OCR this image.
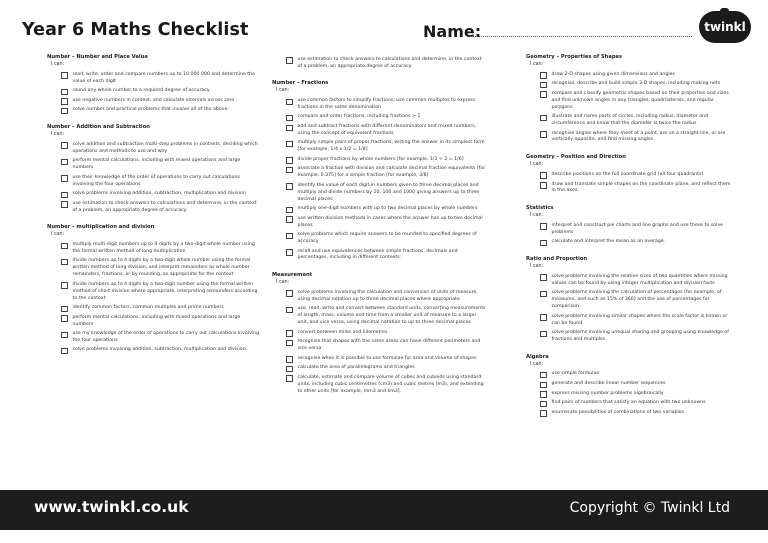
Year 6 Maths Checklist	Name:	twinkl
Number – Number and Place Value
I can:
read, write, order and compare numbers up to 10 000 000 and determine the value of each digit
round any whole number to a required degree of accuracy
use negative numbers in context, and calculate intervals across zero
solve number and practical problems that involve all of the above.
Number – Addition and Subtraction
I can:
solve addition and subtraction multi-step problems in contexts, deciding which operations and methods to use and why
perform mental calculations, including with mixed operations and large numbers
use their knowledge of the order of operations to carry out calculations involving the four operations
solve problems involving addition, subtraction, multiplication and division
use estimation to check answers to calculations and determine, in the context of a problem, an appropriate degree of accuracy.
Number – multiplication and division
I can:
multiply multi-digit numbers up to 4 digits by a two-digit whole number using the formal written method of long multiplication
divide numbers up to 4 digits by a two-digit whole number using the formal written method of long division, and interpret remainders as whole number remainders, fractions, or by rounding, as appropriate for the context
divide numbers up to 4 digits by a two-digit number using the formal written method of short division where appropriate, interpreting remainders according to the context
identify common factors, common multiples and prime numbers
perform mental calculations, including with mixed operations and large numbers
use my knowledge of the order of operations to carry out calculations involving the four operations
solve problems involving addition, subtraction, multiplication and division
use estimation to check answers to calculations and determine, in the context of a problem, an appropriate degree of accuracy.
Number – Fractions
I can:
use common factors to simplify fractions; use common multiples to express fractions in the same denomination
compare and order fractions, including fractions > 1
add and subtract fractions with different denominators and mixed numbers, using the concept of equivalent fractions
multiply simple pairs of proper fractions, writing the answer in its simplest form [for example, 1/4 x 1/2 = 1/8]
divide proper fractions by whole numbers [for example, 1/3 ÷ 2 = 1/6]
associate a fraction with division and calculate decimal fraction equivalents [for example, 0.375] for a simple fraction [for example, 3/8]
identify the value of each digit in numbers given to three decimal places and multiply and divide numbers by 10, 100 and 1000 giving answers up to three decimal places
multiply one-digit numbers with up to two decimal places by whole numbers
use written division methods in cases where the answer has up to two decimal places
solve problems which require answers to be rounded to specified degrees of accuracy
recall and use equivalences between simple fractions, decimals and percentages, including in different contexts.
Measurement
I can:
solve problems involving the calculation and conversion of units of measure, using decimal notation up to three decimal places where appropriate
use, read, write and convert between standard units, converting measurements of length, mass, volume and time from a smaller unit of measure to a larger unit, and vice versa, using decimal notation to up to three decimal places
convert between miles and kilometres
recognise that shapes with the same areas can have different perimeters and vice versa
recognise when it is possible to use formulae for area and volume of shapes
calculate the area of parallelograms and triangles
calculate, estimate and compare volume of cubes and cuboids using standard units, including cubic centimetres (cm3) and cubic metres (m3), and extending to other units [for example, mm3 and km3].
Geometry – Properties of Shapes
I can:
draw 2-D shapes using given dimensions and angles
recognise, describe and build simple 3-D shapes, including making nets
compare and classify geometric shapes based on their properties and sizes and find unknown angles in any triangles, quadrilaterals, and regular polygons
illustrate and name parts of circles, including radius, diameter and circumference and know that the diameter is twice the radius
recognise angles where they meet at a point, are on a straight line, or are vertically opposite, and find missing angles.
Geometry – Position and Direction
I can:
describe positions on the full coordinate grid (all four quadrants)
draw and translate simple shapes on the coordinate plane, and reflect them in the axes.
Statistics
I can:
interpret and construct pie charts and line graphs and use these to solve problems
calculate and interpret the mean as an average.
Ratio and Proportion
I can:
solve problems involving the relative sizes of two quantities where missing values can be found by using integer multiplication and division facts
solve problems involving the calculation of percentages [for example, of measures, and such as 15% of 360] and the use of percentages for comparison
solve problems involving similar shapes where the scale factor is known or can be found
solve problems involving unequal sharing and grouping using knowledge of fractions and multiples.
Algebra
I can:
use simple formulae
generate and describe linear number sequences
express missing number problems algebraically
find pairs of numbers that satisfy an equation with two unknowns
enumerate possibilities of combinations of two variables.
www.twinkl.co.uk	Copyright © Twinkl Ltd
